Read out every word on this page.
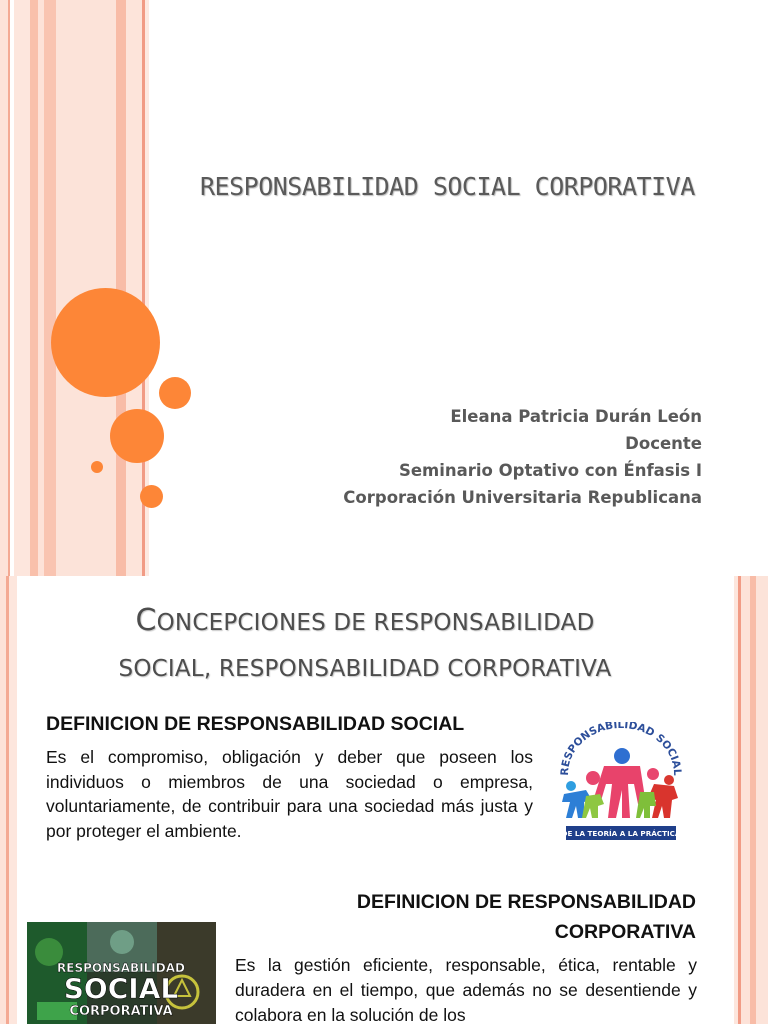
RESPONSABILIDAD SOCIAL CORPORATIVA
Eleana Patricia Durán León
Docente
Seminario Optativo con Énfasis I
Corporación Universitaria Republicana
CONCEPCIONES DE RESPONSABILIDAD
SOCIAL, RESPONSABILIDAD CORPORATIVA
DEFINICION DE RESPONSABILIDAD SOCIAL
Es el compromiso, obligación y deber que poseen los individuos o miembros de una sociedad o empresa, voluntariamente, de contribuir para una sociedad más justa y por proteger el ambiente.
RESPONSABILIDAD SOCIAL
DE LA TEORÍA A LA PRÁCTICA
DEFINICION DE RESPONSABILIDAD CORPORATIVA
Es la gestión eficiente, responsable, ética, rentable y duradera en el tiempo, que además no se desentiende y colabora en la solución de los
RESPONSABILIDAD
SOCIAL
CORPORATIVA
